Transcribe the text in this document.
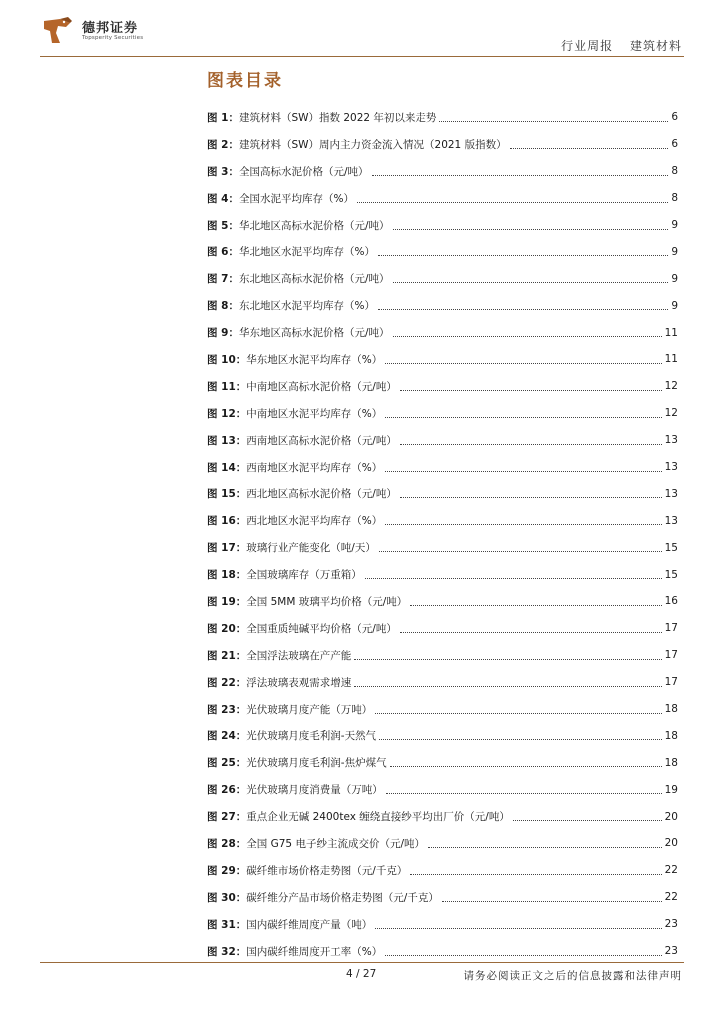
德邦证券
Topsperity Securities
行业周报 建筑材料
图表目录
图 1： 建筑材料（SW）指数 2022 年初以来走势	6
图 2： 建筑材料（SW）周内主力资金流入情况（2021 版指数）	6
图 3： 全国高标水泥价格（元/吨）	8
图 4： 全国水泥平均库存（%）	8
图 5： 华北地区高标水泥价格（元/吨）	9
图 6： 华北地区水泥平均库存（%）	9
图 7： 东北地区高标水泥价格（元/吨）	9
图 8： 东北地区水泥平均库存（%）	9
图 9： 华东地区高标水泥价格（元/吨）	11
图 10： 华东地区水泥平均库存（%）	11
图 11： 中南地区高标水泥价格（元/吨）	12
图 12： 中南地区水泥平均库存（%）	12
图 13： 西南地区高标水泥价格（元/吨）	13
图 14： 西南地区水泥平均库存（%）	13
图 15： 西北地区高标水泥价格（元/吨）	13
图 16： 西北地区水泥平均库存（%）	13
图 17： 玻璃行业产能变化（吨/天）	15
图 18： 全国玻璃库存（万重箱）	15
图 19： 全国 5MM 玻璃平均价格（元/吨）	16
图 20： 全国重质纯碱平均价格（元/吨）	17
图 21： 全国浮法玻璃在产产能	17
图 22： 浮法玻璃表观需求增速	17
图 23： 光伏玻璃月度产能（万吨）	18
图 24： 光伏玻璃月度毛利润-天然气	18
图 25： 光伏玻璃月度毛利润-焦炉煤气	18
图 26： 光伏玻璃月度消费量（万吨）	19
图 27： 重点企业无碱 2400tex 缠绕直接纱平均出厂价（元/吨）	20
图 28： 全国 G75 电子纱主流成交价（元/吨）	20
图 29： 碳纤维市场价格走势图（元/千克）	22
图 30： 碳纤维分产品市场价格走势图（元/千克）	22
图 31： 国内碳纤维周度产量（吨）	23
图 32： 国内碳纤维周度开工率（%）	23
4 / 27	请务必阅读正文之后的信息披露和法律声明
